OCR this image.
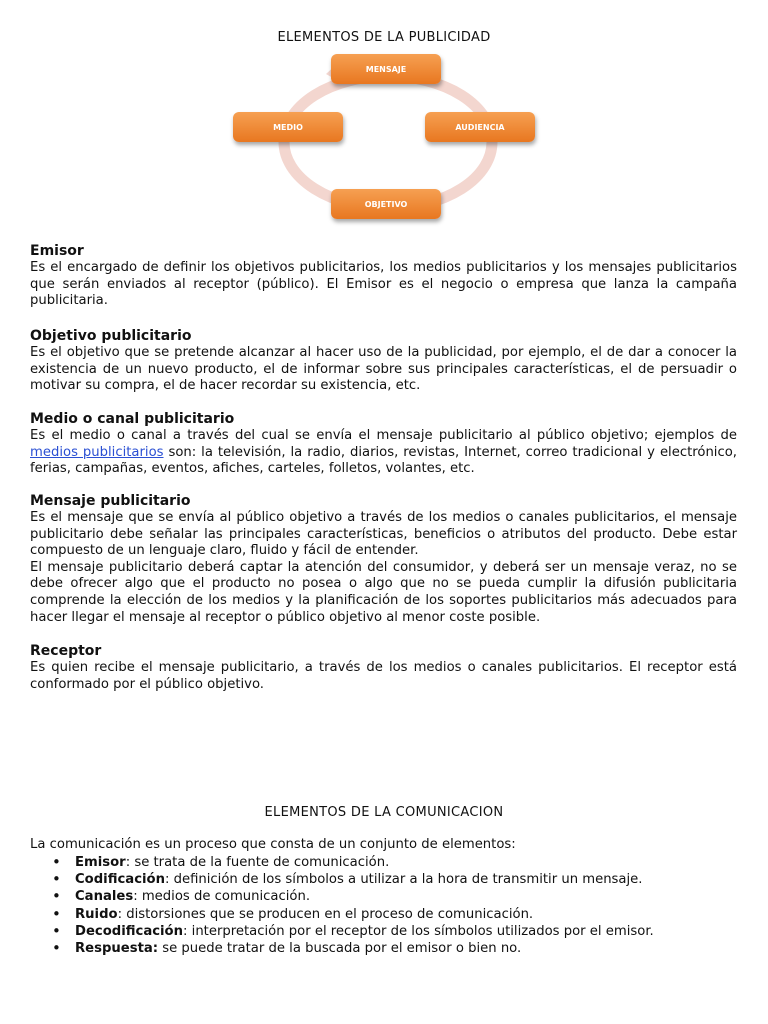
ELEMENTOS DE LA PUBLICIDAD
MENSAJE
MEDIO	AUDIENCIA
OBJETIVO
Emisor

Es el encargado de definir los objetivos publicitarios, los medios publicitarios y los mensajes publicitarios que serán enviados al receptor (público). El Emisor es el negocio o empresa que lanza la campaña publicitaria.

Objetivo publicitario

Es el objetivo que se pretende alcanzar al hacer uso de la publicidad, por ejemplo, el de dar a conocer la existencia de un nuevo producto, el de informar sobre sus principales características, el de persuadir o motivar su compra, el de hacer recordar su existencia, etc.

Medio o canal publicitario

Es el medio o canal a través del cual se envía el mensaje publicitario al público objetivo; ejemplos de medios publicitarios son: la televisión, la radio, diarios, revistas, Internet, correo tradicional y electrónico, ferias, campañas, eventos, afiches, carteles, folletos, volantes, etc.

Mensaje publicitario

Es el mensaje que se envía al público objetivo a través de los medios o canales publicitarios, el mensaje publicitario debe señalar las principales características, beneficios o atributos del producto. Debe estar compuesto de un lenguaje claro, fluido y fácil de entender.

El mensaje publicitario deberá captar la atención del consumidor, y deberá ser un mensaje veraz, no se debe ofrecer algo que el producto no posea o algo que no se pueda cumplir la difusión publicitaria comprende la elección de los medios y la planificación de los soportes publicitarios más adecuados para hacer llegar el mensaje al receptor o público objetivo al menor coste posible.

Receptor

Es quien recibe el mensaje publicitario, a través de los medios o canales publicitarios. El receptor está conformado por el público objetivo.

ELEMENTOS DE LA COMUNICACION
La comunicación es un proceso que consta de un conjunto de elementos:
• Emisor: se trata de la fuente de comunicación.
• Codificación: definición de los símbolos a utilizar a la hora de transmitir un mensaje.
• Canales: medios de comunicación.
• Ruido: distorsiones que se producen en el proceso de comunicación.
• Decodificación: interpretación por el receptor de los símbolos utilizados por el emisor.
• Respuesta: se puede tratar de la buscada por el emisor o bien no.
